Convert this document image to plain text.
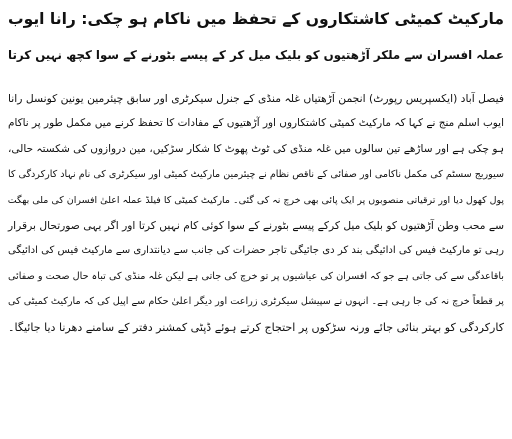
مارکیٹ کمیٹی کاشتکاروں کے تحفظ میں ناکام ہو چکی: رانا ایوب
عملہ افسران سے ملکر آڑھتیوں کو بلیک میل کر کے پیسے بٹورنے کے سوا کچھ نہیں کرتا
فیصل آباد (ایکسپریس رپورٹ) انجمن آڑھتیاں غلہ منڈی کے جنرل سیکرٹری اور سابق چیئرمین یونین کونسل رانا
ایوب اسلم منج نے کہا کہ مارکیٹ کمیٹی کاشتکاروں اور آڑھتیوں کے مفادات کا تحفظ کرنے میں مکمل طور پر ناکام
ہو چکی ہے اور ساڑھے تین سالوں میں غلہ منڈی کی ٹوٹ پھوٹ کا شکار سڑکیں، مین دروازوں کی شکستہ حالی،
سیوریج سسٹم کی مکمل ناکامی اور صفائی کے ناقص نظام نے چیئرمین مارکیٹ کمیٹی اور سیکرٹری کی نام نہاد کارکردگی کا
پول کھول دیا اور ترقیاتی منصوبوں پر ایک پائی بھی خرچ نہ کی گئی۔ مارکیٹ کمیٹی کا فیلڈ عملہ اعلیٰ افسران کی ملی بھگت
سے محب وطن آڑھتیوں کو بلیک میل کرکے پیسے بٹورنے کے سوا کوئی کام نہیں کرتا اور اگر یہی صورتحال برقرار
رہی تو مارکیٹ فیس کی ادائیگی بند کر دی جائیگی تاجر حضرات کی جانب سے دیانتداری سے مارکیٹ فیس کی ادائیگی
باقاعدگی سے کی جاتی ہے جو کہ افسران کی عیاشیوں پر تو خرچ کی جاتی ہے لیکن غلہ منڈی کی تباہ حال صحت و صفائی
پر قطعاً خرچ نہ کی جا رہی ہے۔ انہوں نے سپیشل سیکرٹری زراعت اور دیگر اعلیٰ حکام سے اپیل کی کہ مارکیٹ کمیٹی کی
کارکردگی کو بہتر بنائی جائے ورنہ سڑکوں پر احتجاج کرتے ہوئے ڈپٹی کمشنر دفتر کے سامنے دھرنا دیا جائیگا۔
